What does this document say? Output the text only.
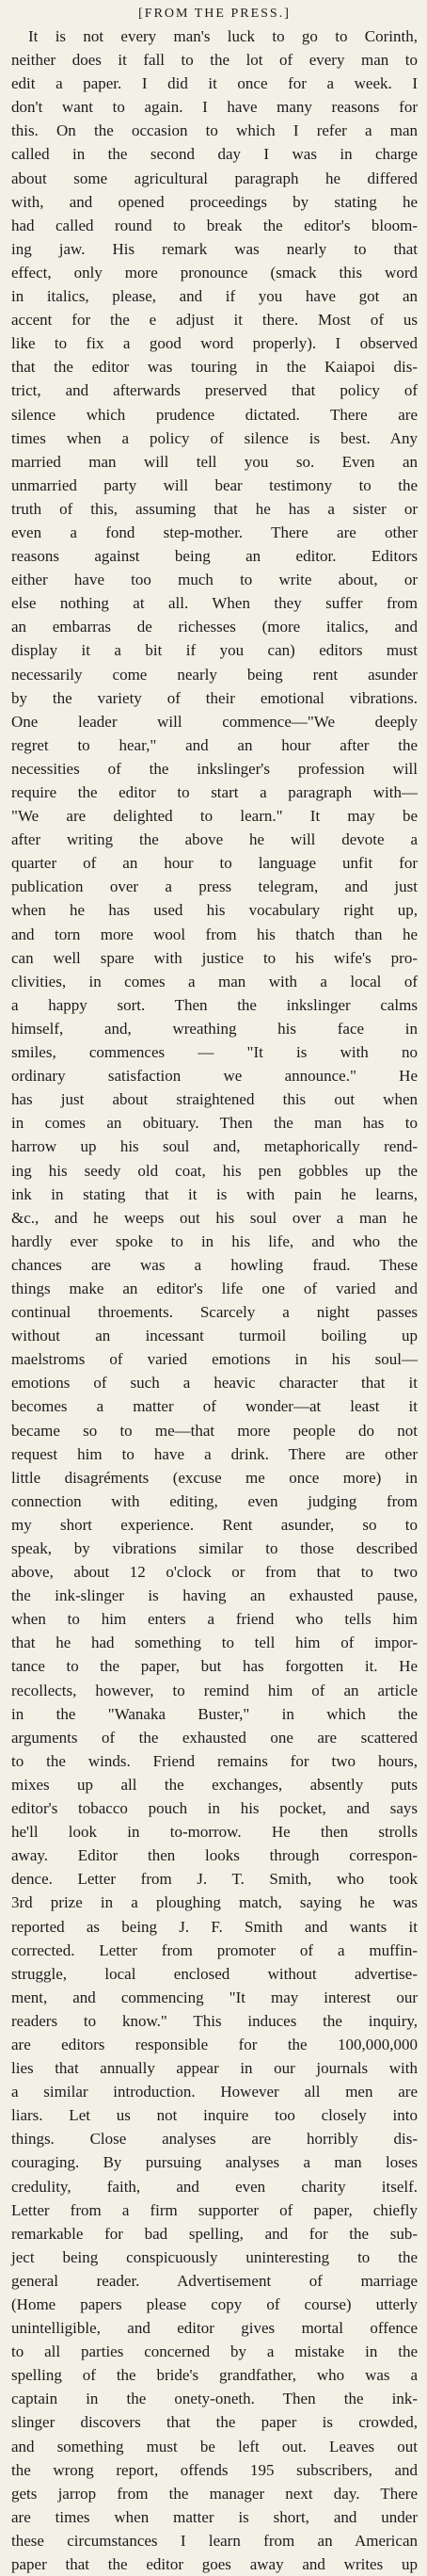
[FROM THE PRESS.]
It is not every man's luck to go to Corinth,
neither does it fall to the lot of every man to
edit a paper. I did it once for a week. I
don't want to again. I have many reasons for
this. On the occasion to which I refer a man
called in the second day I was in charge
about some agricultural paragraph he differed
with, and opened proceedings by stating he
had called round to break the editor's bloom-
ing jaw. His remark was nearly to that
effect, only more pronounce (smack this word
in italics, please, and if you have got an
accent for the e adjust it there. Most of us
like to fix a good word properly). I observed
that the editor was touring in the Kaiapoi dis-
trict, and afterwards preserved that policy of
silence which prudence dictated. There are
times when a policy of silence is best. Any
married man will tell you so. Even an
unmarried party will bear testimony to the
truth of this, assuming that he has a sister or
even a fond step-mother. There are other
reasons against being an editor. Editors
either have too much to write about, or
else nothing at all. When they suffer from
an embarras de richesses (more italics, and
display it a bit if you can) editors must
necessarily come nearly being rent asunder
by the variety of their emotional vibrations.
One leader will commence—"We deeply
regret to hear," and an hour after the
necessities of the inkslinger's profession will
require the editor to start a paragraph with—
"We are delighted to learn." It may be
after writing the above he will devote a
quarter of an hour to language unfit for
publication over a press telegram, and just
when he has used his vocabulary right up,
and torn more wool from his thatch than he
can well spare with justice to his wife's pro-
clivities, in comes a man with a local of
a happy sort. Then the inkslinger calms
himself, and, wreathing his face in
smiles, commences — "It is with no
ordinary satisfaction we announce." He
has just about straightened this out when
in comes an obituary. Then the man has to
harrow up his soul and, metaphorically rend-
ing his seedy old coat, his pen gobbles up the
ink in stating that it is with pain he learns,
&c., and he weeps out his soul over a man he
hardly ever spoke to in his life, and who the
chances are was a howling fraud. These
things make an editor's life one of varied and
continual throements. Scarcely a night passes
without an incessant turmoil boiling up
maelstroms of varied emotions in his soul—
emotions of such a heavic character that it
becomes a matter of wonder—at least it
became so to me—that more people do not
request him to have a drink. There are other
little disagréments (excuse me once more) in
connection with editing, even judging from
my short experience. Rent asunder, so to
speak, by vibrations similar to those described
above, about 12 o'clock or from that to two
the ink-slinger is having an exhausted pause,
when to him enters a friend who tells him
that he had something to tell him of impor-
tance to the paper, but has forgotten it. He
recollects, however, to remind him of an article
in the "Wanaka Buster," in which the
arguments of the exhausted one are scattered
to the winds. Friend remains for two hours,
mixes up all the exchanges, absently puts
editor's tobacco pouch in his pocket, and says
he'll look in to-morrow. He then strolls
away. Editor then looks through correspon-
dence. Letter from J. T. Smith, who took
3rd prize in a ploughing match, saying he was
reported as being J. F. Smith and wants it
corrected. Letter from promoter of a muffin-
struggle, local enclosed without advertise-
ment, and commencing "It may interest our
readers to know." This induces the inquiry,
are editors responsible for the 100,000,000
lies that annually appear in our journals with
a similar introduction. However all men are
liars. Let us not inquire too closely into
things. Close analyses are horribly dis-
couraging. By pursuing analyses a man loses
credulity, faith, and even charity itself.
Letter from a firm supporter of paper, chiefly
remarkable for bad spelling, and for the sub-
ject being conspicuously uninteresting to the
general reader. Advertisement of marriage
(Home papers please copy of course) utterly
unintelligible, and editor gives mortal offence
to all parties concerned by a mistake in the
spelling of the bride's grandfather, who was a
captain in the onety-oneth. Then the ink-
slinger discovers that the paper is crowded,
and something must be left out. Leaves out
the wrong report, offends 195 subscribers, and
gets jarrop from the manager next day. There
are times when matter is short, and under
these circumstances I learn from an American
paper that the editor goes away and writes up
